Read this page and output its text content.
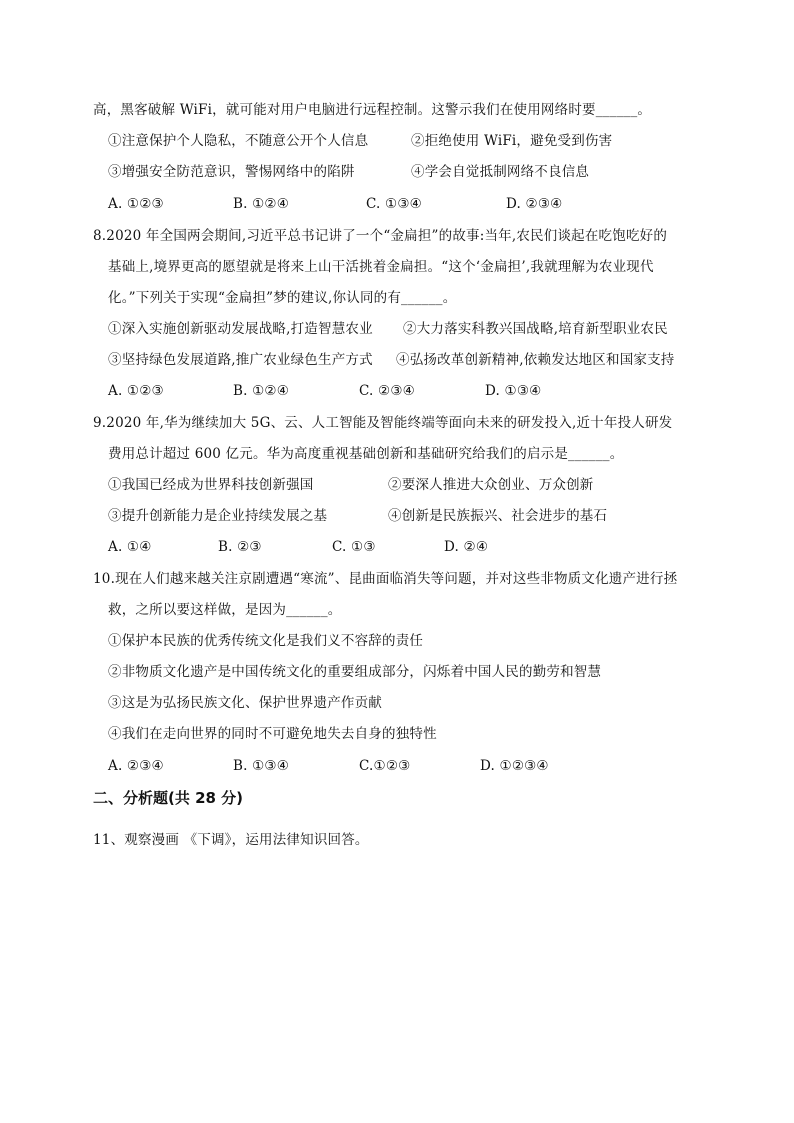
高，黑客破解 WiFi，就可能对用户电脑进行远程控制。这警示我们在使用网络时要______。
①注意保护个人隐私，不随意公开个人信息	②拒绝使用 WiFi，避免受到伤害
③增强安全防范意识，警惕网络中的陷阱	④学会自觉抵制网络不良信息
A. ①②③	B. ①②④	C. ①③④	D. ②③④
8.2020 年全国两会期间,习近平总书记讲了一个“金扁担”的故事:当年,农民们谈起在吃饱吃好的
基础上,境界更高的愿望就是将来上山干活挑着金扁担。“这个‘金扁担’,我就理解为农业现代
化。”下列关于实现“金扁担”梦的建议,你认同的有______。
①深入实施创新驱动发展战略,打造智慧农业 ②大力落实科教兴国战略,培育新型职业农民
③坚持绿色发展道路,推广农业绿色生产方式 ④弘扬改革创新精神,依赖发达地区和国家支持
A. ①②③	B. ①②④	C. ②③④	D. ①③④
9.2020 年,华为继续加大 5G、云、人工智能及智能终端等面向未来的研发投入,近十年投人研发
费用总计超过 600 亿元。华为高度重视基础创新和基础研究给我们的启示是______。
①我国已经成为世界科技创新强国	②要深人推进大众创业、万众创新
③提升创新能力是企业持续发展之基	④创新是民族振兴、社会进步的基石
A. ①④	B. ②③	C. ①③	D. ②④
10.现在人们越来越关注京剧遭遇“寒流”、昆曲面临消失等问题，并对这些非物质文化遗产进行拯
救，之所以要这样做，是因为______。
①保护本民族的优秀传统文化是我们义不容辞的责任
②非物质文化遗产是中国传统文化的重要组成部分，闪烁着中国人民的勤劳和智慧
③这是为弘扬民族文化、保护世界遗产作贡献
④我们在走向世界的同时不可避免地失去自身的独特性
A. ②③④	B. ①③④	C.①②③	D. ①②③④
二、分析题(共 28 分)
11、观察漫画 《下调》，运用法律知识回答。
